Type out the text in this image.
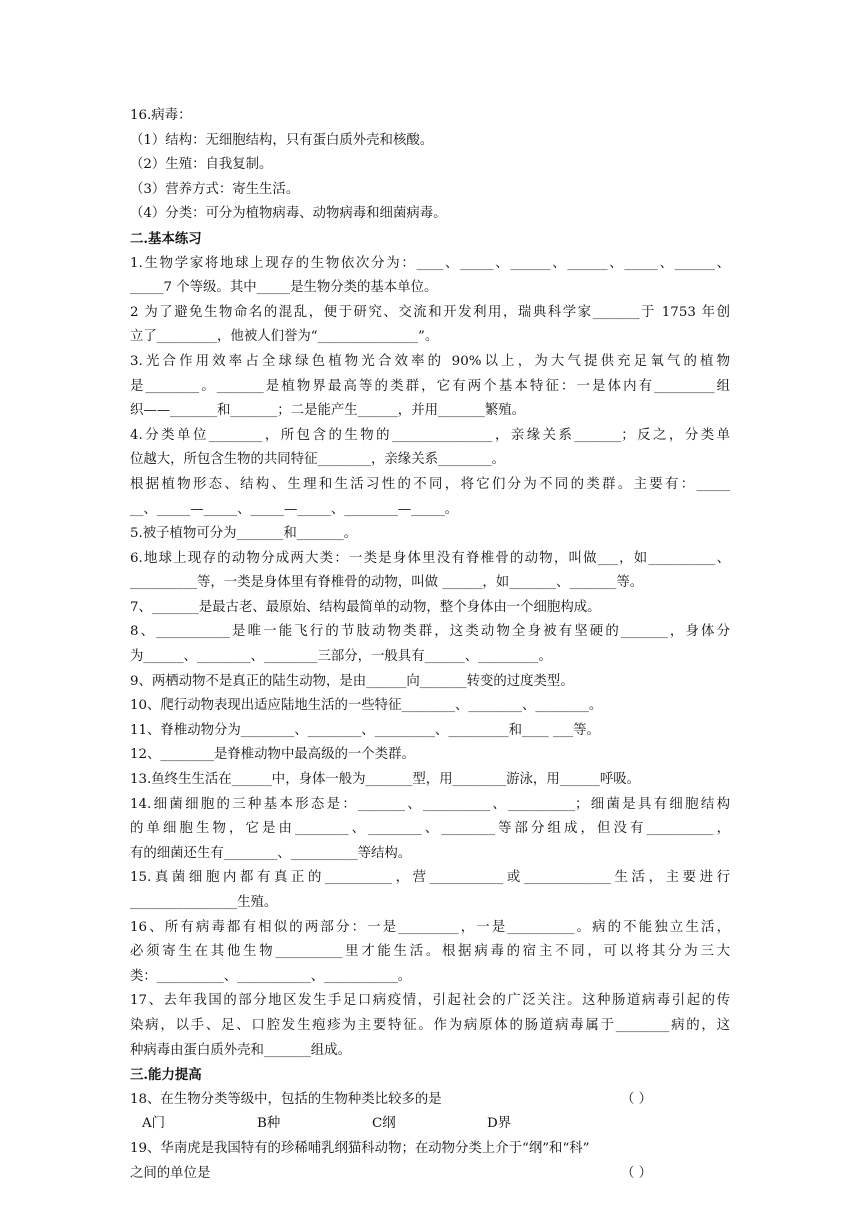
16.病毒：
（1）结构：无细胞结构，只有蛋白质外壳和核酸。
（2）生殖：自我复制。
（3）营养方式：寄生生活。
（4）分类：可分为植物病毒、动物病毒和细菌病毒。
二.基本练习
1.生物学家将地球上现存的生物依次分为：____、_____、______、______、_____、______、
_____7 个等级。其中_____是生物分类的基本单位。
2 为了避免生物命名的混乱，便于研究、交流和开发利用，瑞典科学家_______于 1753 年创
立了_________，他被人们誉为“_______________”。
3.光合作用效率占全球绿色植物光合效率的 90%以上，为大气提供充足氧气的植物
是________。_______是植物界最高等的类群，它有两个基本特征：一是体内有_________组
织——_______和_______；二是能产生______，并用_______繁殖。
4.分类单位________，所包含的生物的_______________，亲缘关系_______；反之，分类单
位越大，所包含生物的共同特征________，亲缘关系________。
根据植物形态、结构、生理和生活习性的不同，将它们分为不同的类群。主要有：_____
__、_____—_____、_____—_____、________—_____。
5.被子植物可分为_______和_______。
6.地球上现存的动物分成两大类：一类是身体里没有脊椎骨的动物，叫做___，如__________、
__________等，一类是身体里有脊椎骨的动物，叫做 ______，如_______、_______等。
7、_______是最古老、最原始、结构最简单的动物，整个身体由一个细胞构成。
8、___________是唯一能飞行的节肢动物类群，这类动物全身被有坚硬的_______，身体分
为______、________、________三部分，一般具有______、_________。
9、两栖动物不是真正的陆生动物，是由______向_______转变的过度类型。
10、爬行动物表现出适应陆地生活的一些特征________、________、________。
11、脊椎动物分为________、________、_________、_________和____ ___等。
12、________是脊椎动物中最高级的一个类群。
13.鱼终生生活在______中，身体一般为_______型，用________游泳，用______呼吸。
14.细菌细胞的三种基本形态是：_______、__________、__________；细菌是具有细胞结构
的单细胞生物，它是由________、________、________等部分组成，但没有__________，
有的细菌还生有________、__________等结构。
15.真菌细胞内都有真正的__________，营___________或_____________生活，主要进行
________________生殖。
16、所有病毒都有相似的两部分：一是_________，一是__________。病的不能独立生活，
必须寄生在其他生物__________里才能生活。根据病毒的宿主不同，可以将其分为三大
类：__________、___________、___________。
17、去年我国的部分地区发生手足口病疫情，引起社会的广泛关注。这种肠道病毒引起的传
染病，以手、足、口腔发生疱疹为主要特征。作为病原体的肠道病毒属于________病的，这
种病毒由蛋白质外壳和_______组成。
三.能力提高
18、在生物分类等级中，包括的生物种类比较多的是	（ ）
A门	B种	C纲	D界
19、华南虎是我国特有的珍稀哺乳纲猫科动物；在动物分类上介于“纲”和“科”
之间的单位是	（ ）
